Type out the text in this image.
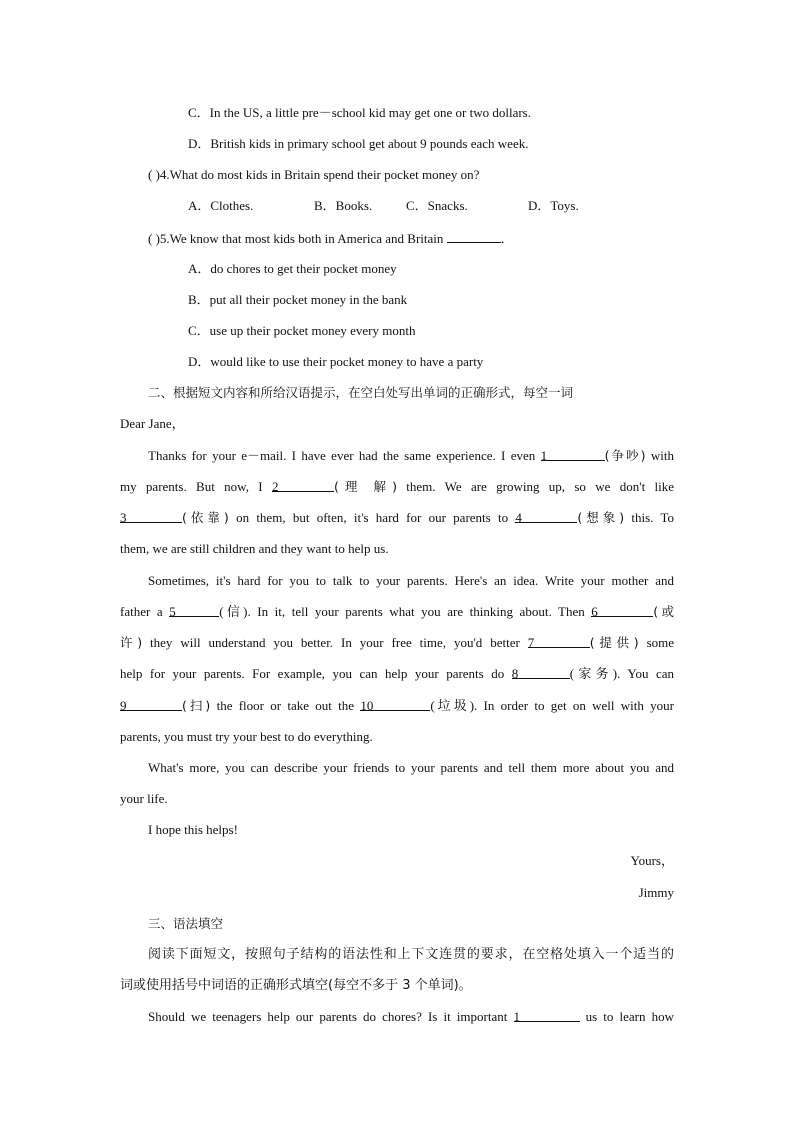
C．In the US, a little pre－school kid may get one or two dollars.
D．British kids in primary school get about 9 pounds each week.
( )4.What do most kids in Britain spend their pocket money on?
A．Clothes.	B．Books.	C．Snacks.	D．Toys.
( )5.We know that most kids both in America and Britain	．
A．do chores to get their pocket money
B．put all their pocket money in the bank
C．use up their pocket money every month
D．would like to use their pocket money to have a party
二、根据短文内容和所给汉语提示，在空白处写出单词的正确形式，每空一词
Dear Jane，
Thanks for your e－mail. I have ever had the same experience. I even 1	(争吵) with
my parents. But now, I 2	(理 解) them. We are growing up, so we don't like
3	(依靠) on them, but often, it's hard for our parents to 4	(想象) this. To
them, we are still children and they want to help us.
Sometimes, it's hard for you to talk to your parents. Here's an idea. Write your mother and
father a 5	(信). In it, tell your parents what you are thinking about. Then 6	(或
许) they will understand you better. In your free time, you'd better 7	(提供) some
help for your parents. For example, you can help your parents do 8	(家务). You can
9	(扫) the floor or take out the 10	(垃圾). In order to get on well with your
parents, you must try your best to do everything.
What's more, you can describe your friends to your parents and tell them more about you and
your life.
I hope this helps!
Yours，
Jimmy
三、语法填空
阅读下面短文，按照句子结构的语法性和上下文连贯的要求，在空格处填入一个适当的
词或使用括号中词语的正确形式填空(每空不多于 3 个单词)。
Should we teenagers help our parents do chores? Is it important 1	us to learn how
